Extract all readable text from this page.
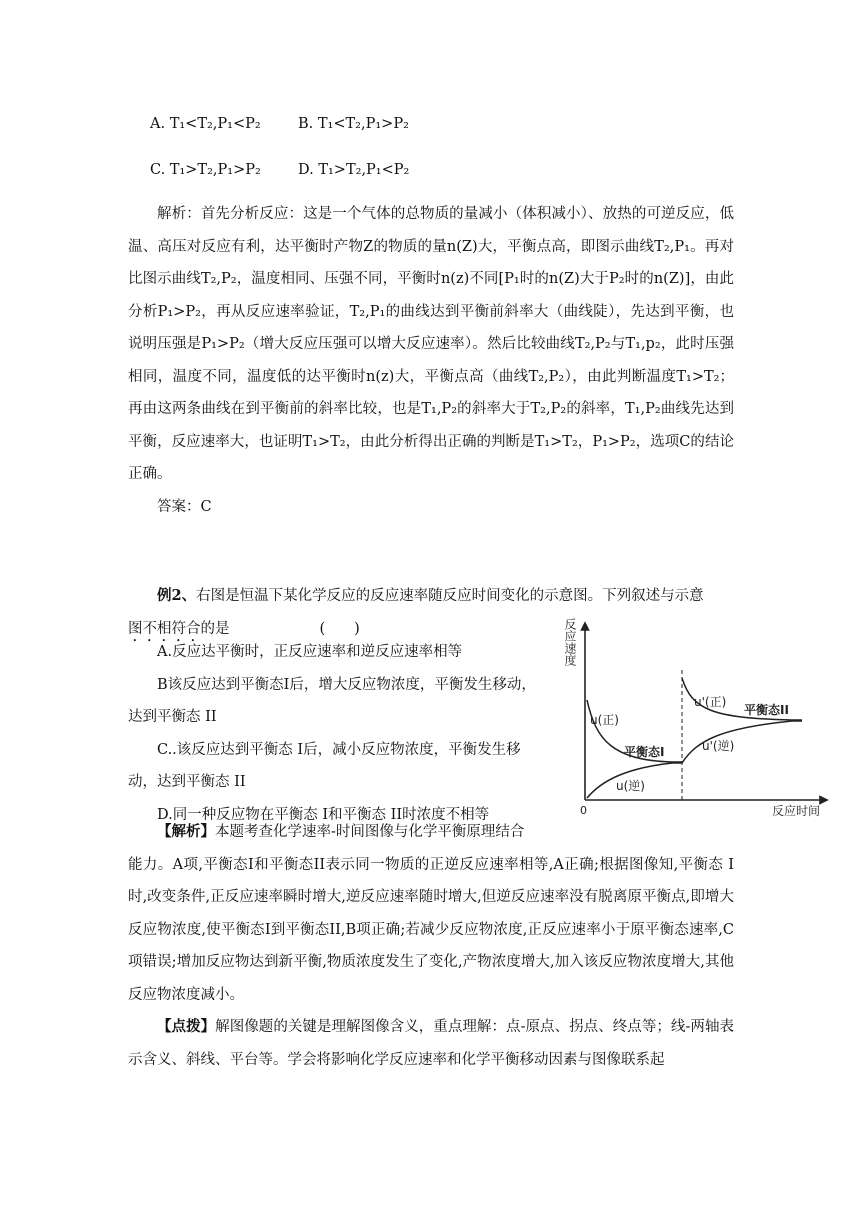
A. T₁<T₂,P₁<P₂	B. T₁<T₂,P₁>P₂
C. T₁>T₂,P₁>P₂	D. T₁>T₂,P₁<P₂

解析：首先分析反应：这是一个气体的总物质的量减小（体积减小）、放热的可逆反应，低温、高压对反应有利，达平衡时产物Z的物质的量n(Z)大，平衡点高，即图示曲线T₂,P₁。再对比图示曲线T₂,P₂，温度相同、压强不同，平衡时n(z)不同[P₁时的n(Z)大于P₂时的n(Z)]，由此分析P₁>P₂，再从反应速率验证，T₂,P₁的曲线达到平衡前斜率大（曲线陡），先达到平衡，也说明压强是P₁>P₂（增大反应压强可以增大反应速率）。然后比较曲线T₂,P₂与T₁,p₂，此时压强相同，温度不同，温度低的达平衡时n(z)大，平衡点高（曲线T₂,P₂），由此判断温度T₁>T₂；再由这两条曲线在到平衡前的斜率比较，也是T₁,P₂的斜率大于T₂,P₂的斜率，T₁,P₂曲线先达到平衡，反应速率大，也证明T₁>T₂，由此分析得出正确的判断是T₁>T₂，P₁>P₂，选项C的结论正确。

答案：C

例2、右图是恒温下某化学反应的反应速率随反应时间变化的示意图。下列叙述与示意

图不相符合的是	(　　)

A.反应达平衡时，正反应速率和逆反应速率相等

B该反应达到平衡态I后，增大反应物浓度，平衡发生移动，

达到平衡态 II

C..该反应达到平衡态 I后，减小反应物浓度，平衡发生移

动，达到平衡态 II

D.同一种反应物在平衡态 I和平衡态 II时浓度不相等

反应速度
0	反应时间
u(正)
u(逆)
平衡态I
u'(正)
u'(逆)
平衡态II

【解析】本题考查化学速率-时间图像与化学平衡原理结合

能力。A项,平衡态I和平衡态II表示同一物质的正逆反应速率相等,A正确;根据图像知,平衡态 I 时,改变条件,正反应速率瞬时增大,逆反应速率随时增大,但逆反应速率没有脱离原平衡点,即增大反应物浓度,使平衡态I到平衡态II,B项正确;若减少反应物浓度,正反应速率小于原平衡态速率,C项错误;增加反应物达到新平衡,物质浓度发生了变化,产物浓度增大,加入该反应物浓度增大,其他反应物浓度减小。

【点拨】解图像题的关键是理解图像含义，重点理解：点-原点、拐点、终点等；线-两轴表示含义、斜线、平台等。学会将影响化学反应速率和化学平衡移动因素与图像联系起
